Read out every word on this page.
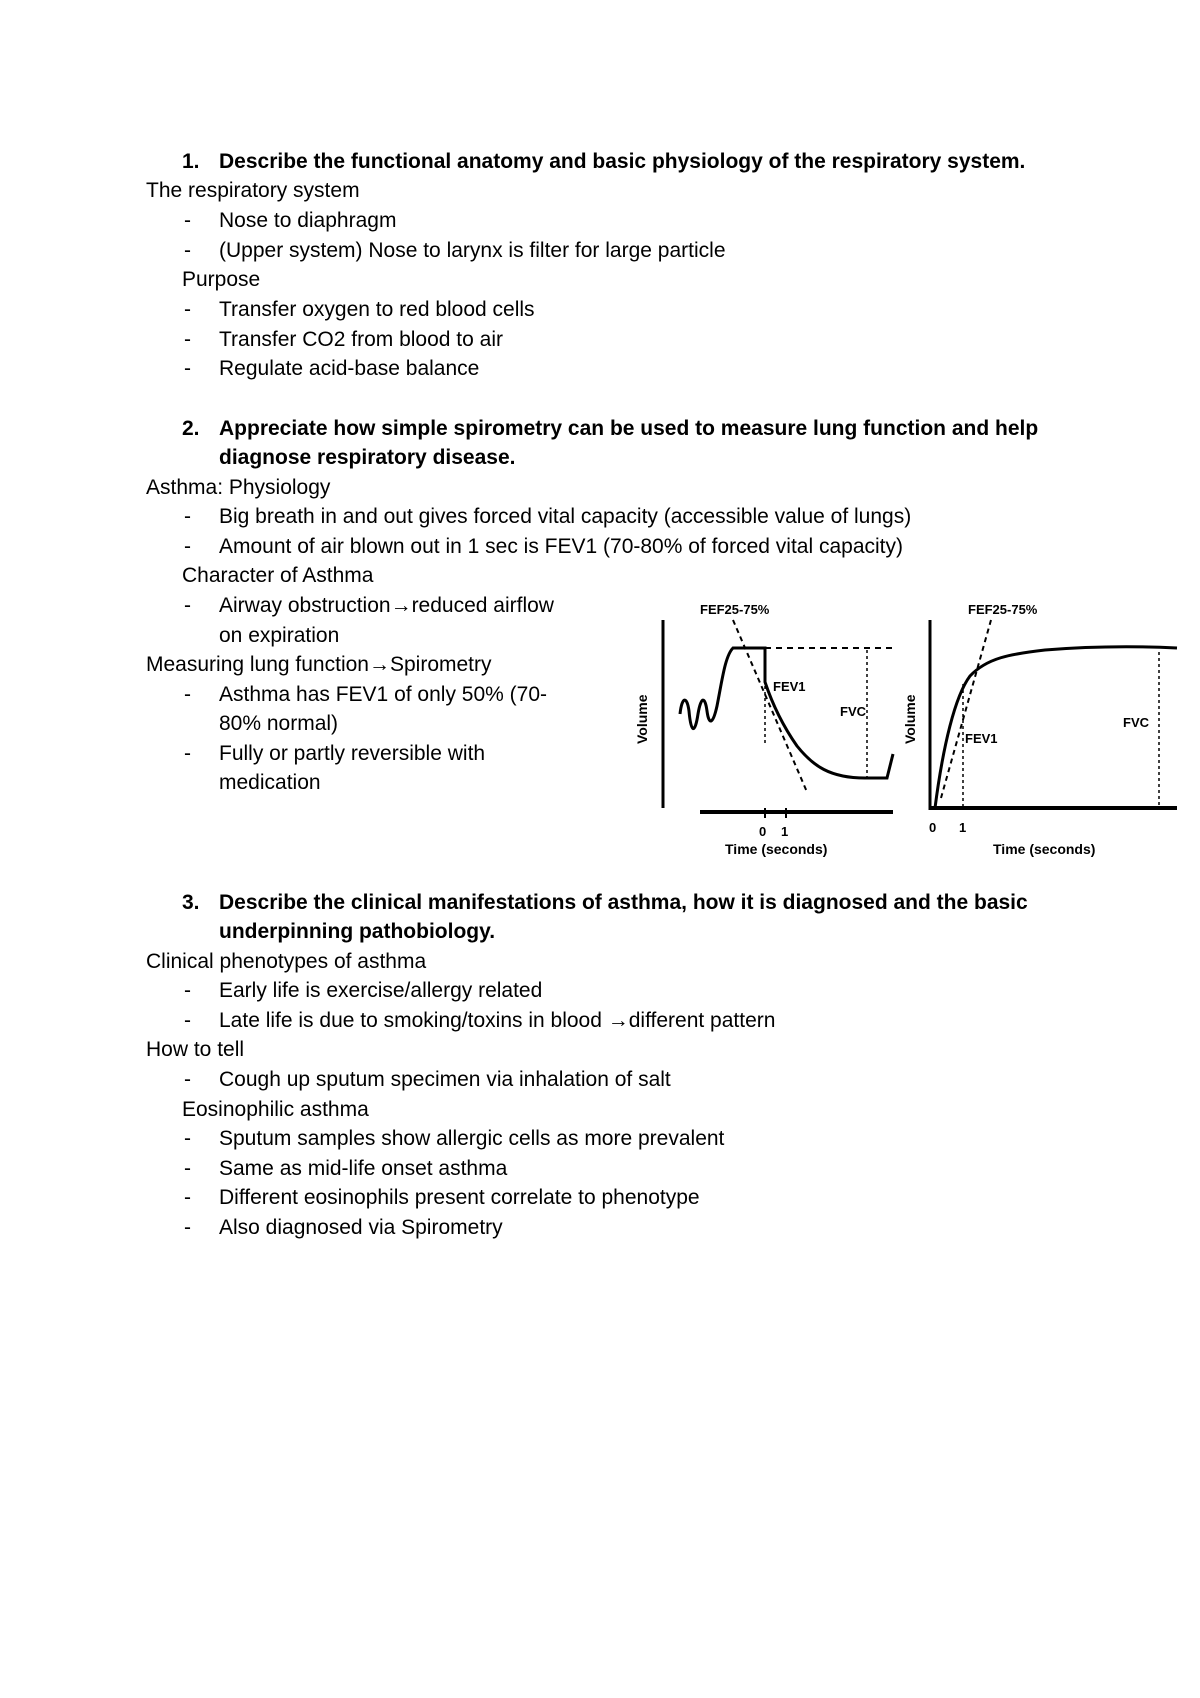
1. Describe the functional anatomy and basic physiology of the respiratory system.
The respiratory system
- Nose to diaphragm
- (Upper system) Nose to larynx is filter for large particle
Purpose
- Transfer oxygen to red blood cells
- Transfer CO2 from blood to air
- Regulate acid-base balance
2. Appreciate how simple spirometry can be used to measure lung function and help
diagnose respiratory disease.
Asthma: Physiology
- Big breath in and out gives forced vital capacity (accessible value of lungs)
- Amount of air blown out in 1 sec is FEV1 (70-80% of forced vital capacity)
Character of Asthma
- Airway obstruction→reduced airflow
on expiration
Measuring lung function→Spirometry
- Asthma has FEV1 of only 50% (70-
80% normal)
- Fully or partly reversible with
medication
FEF25-75%
Volume
FEV1
FVC
0 1
Time (seconds)
FEF25-75%
Volume	FEV1
FVC
0 1
Time (seconds)
3. Describe the clinical manifestations of asthma, how it is diagnosed and the basic
underpinning pathobiology.
Clinical phenotypes of asthma
- Early life is exercise/allergy related
- Late life is due to smoking/toxins in blood →different pattern
How to tell
- Cough up sputum specimen via inhalation of salt
Eosinophilic asthma
- Sputum samples show allergic cells as more prevalent
- Same as mid-life onset asthma
- Different eosinophils present correlate to phenotype
- Also diagnosed via Spirometry
